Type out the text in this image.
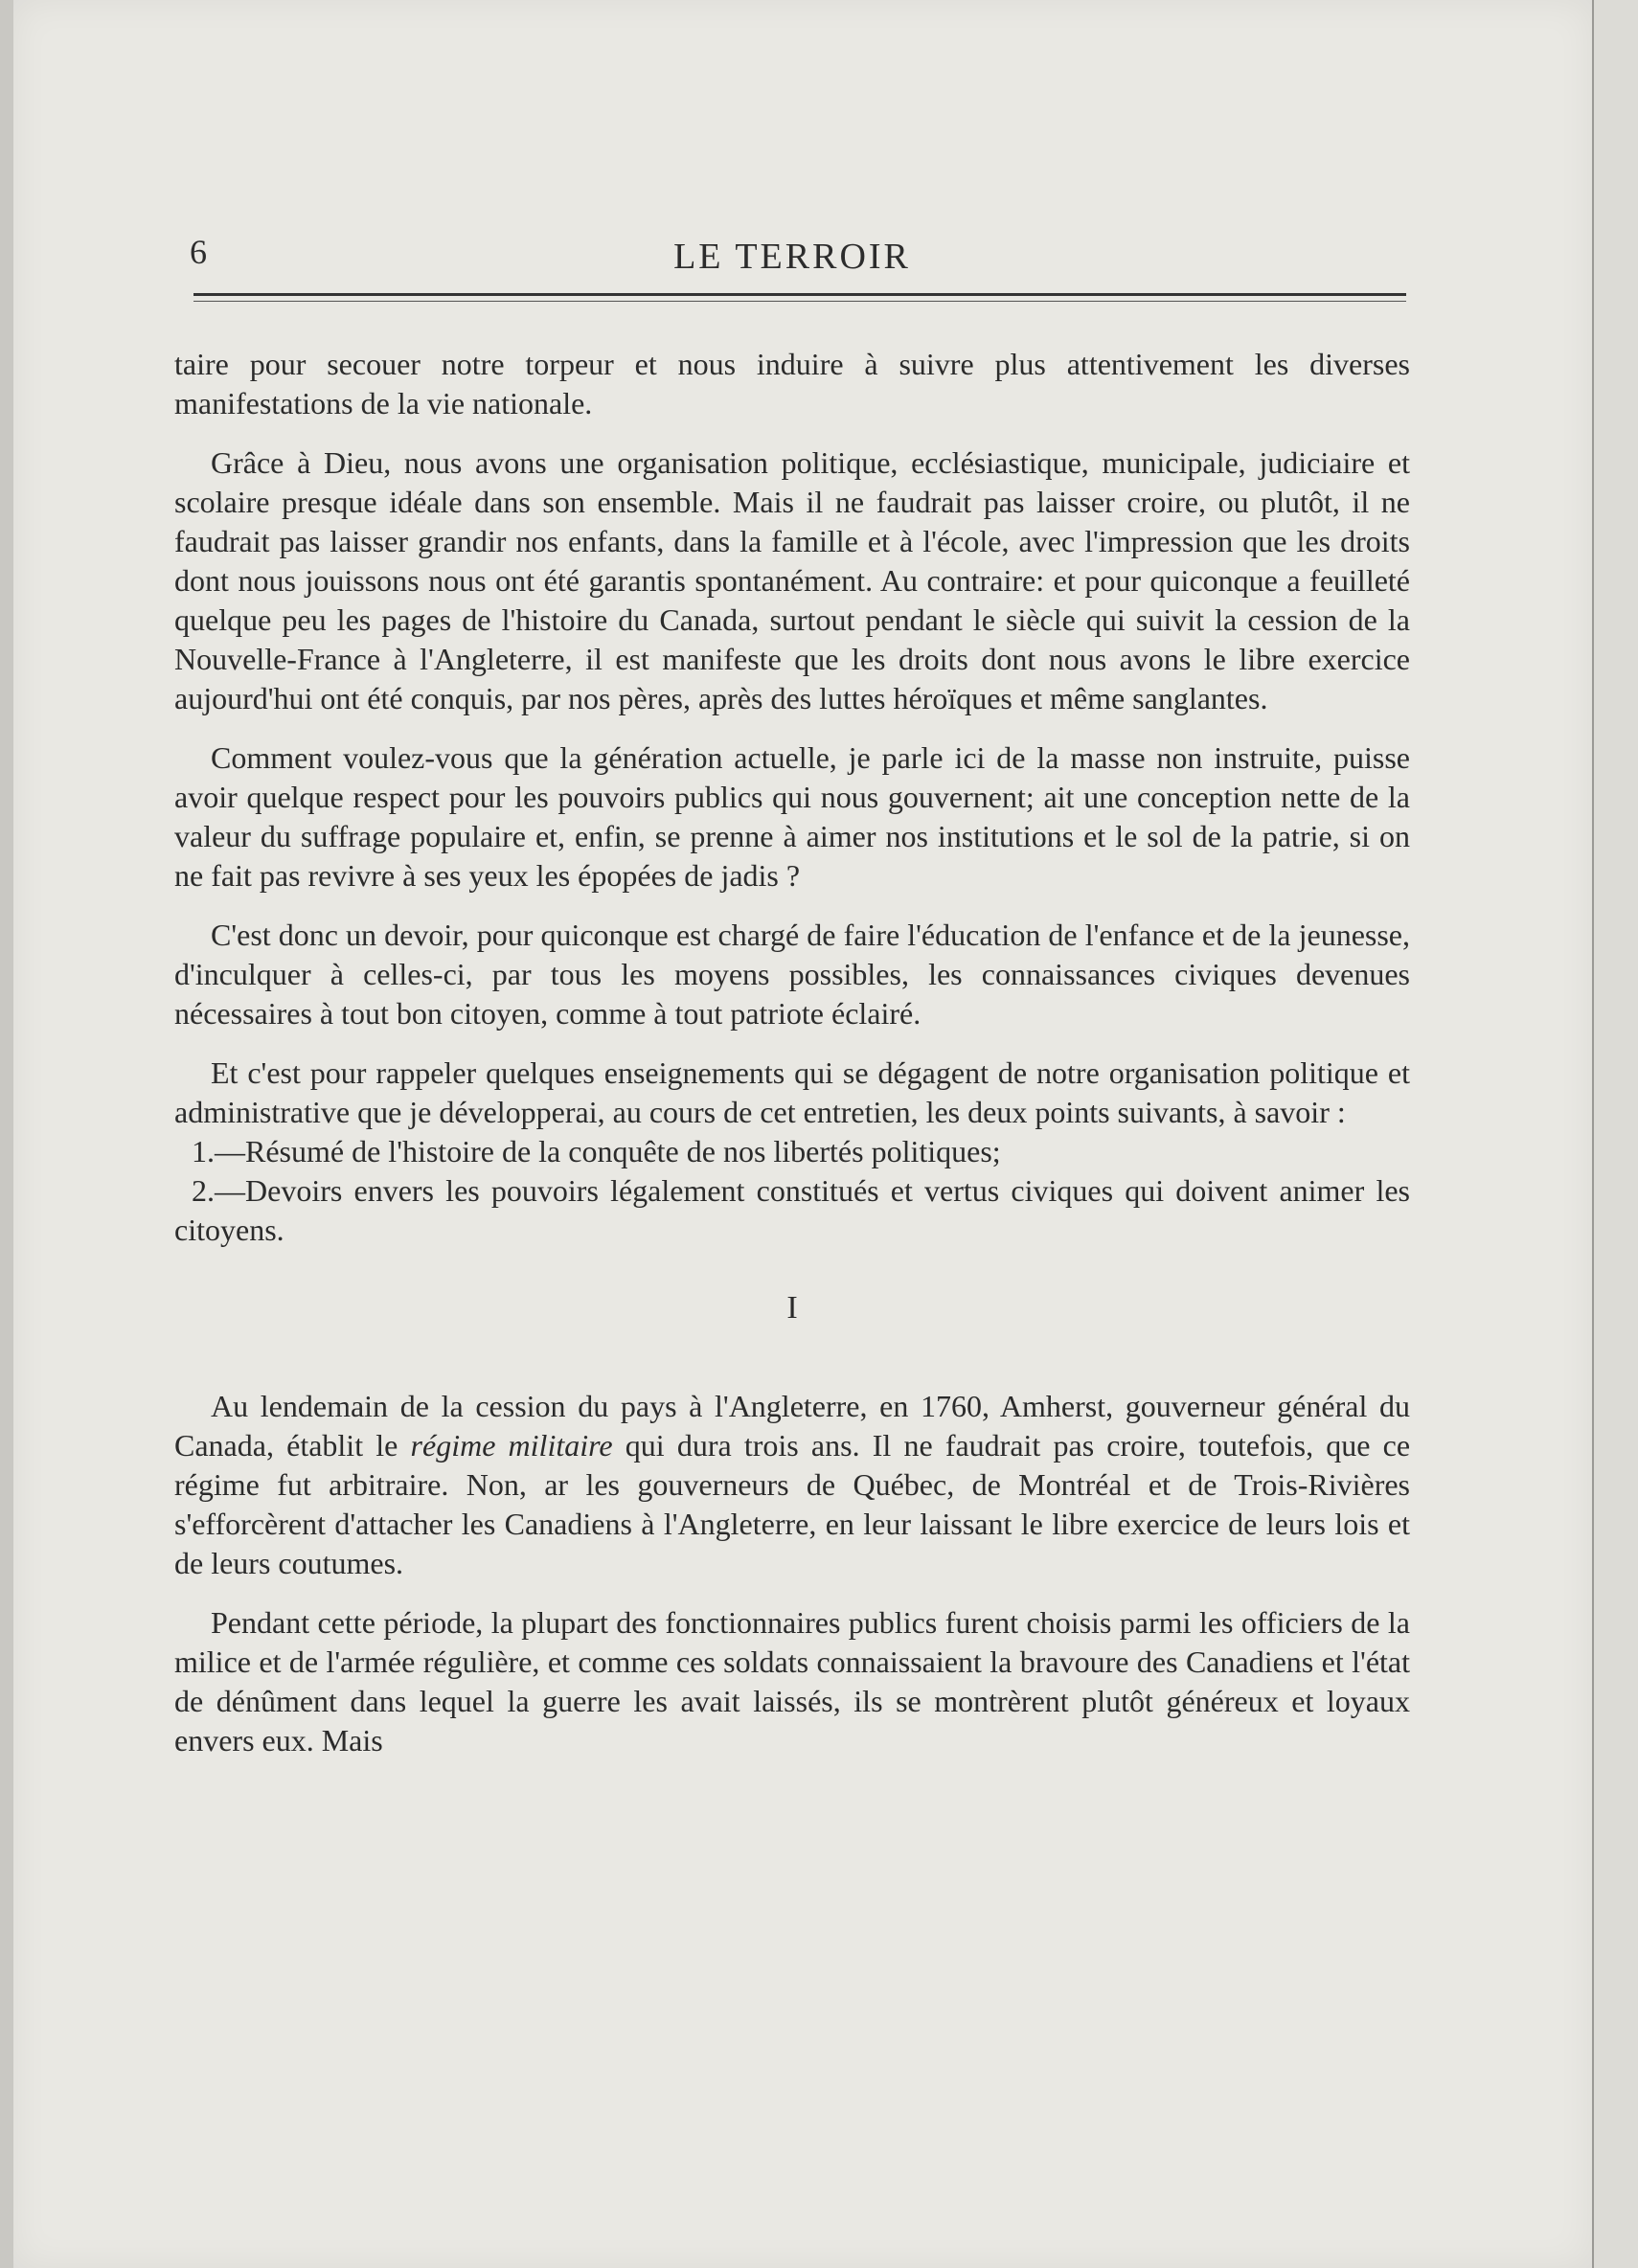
6	LE TERROIR

taire pour secouer notre torpeur et nous induire à suivre plus attentivement les diverses manifestations de la vie nationale.

Grâce à Dieu, nous avons une organisation politique, ecclésiastique, municipale, judiciaire et scolaire presque idéale dans son ensemble. Mais il ne faudrait pas laisser croire, ou plutôt, il ne faudrait pas laisser grandir nos enfants, dans la famille et à l'école, avec l'impression que les droits dont nous jouissons nous ont été garantis spontanément. Au contraire: et pour quiconque a feuilleté quelque peu les pages de l'histoire du Canada, surtout pendant le siècle qui suivit la cession de la Nouvelle-France à l'Angleterre, il est manifeste que les droits dont nous avons le libre exercice aujourd'hui ont été conquis, par nos pères, après des luttes héroïques et même sanglantes.

Comment voulez-vous que la génération actuelle, je parle ici de la masse non instruite, puisse avoir quelque respect pour les pouvoirs publics qui nous gouvernent; ait une conception nette de la valeur du suffrage populaire et, enfin, se prenne à aimer nos institutions et le sol de la patrie, si on ne fait pas revivre à ses yeux les épopées de jadis ?

C'est donc un devoir, pour quiconque est chargé de faire l'éducation de l'enfance et de la jeunesse, d'inculquer à celles-ci, par tous les moyens possibles, les connaissances civiques devenues nécessaires à tout bon citoyen, comme à tout patriote éclairé.

Et c'est pour rappeler quelques enseignements qui se dégagent de notre organisation politique et administrative que je développerai, au cours de cet entretien, les deux points suivants, à savoir :

1.—Résumé de l'histoire de la conquête de nos libertés politiques;

2.—Devoirs envers les pouvoirs légalement constitués et vertus civiques qui doivent animer les citoyens.

I

Au lendemain de la cession du pays à l'Angleterre, en 1760, Amherst, gouverneur général du Canada, établit le régime militaire qui dura trois ans. Il ne faudrait pas croire, toutefois, que ce régime fut arbitraire. Non, ar les gouverneurs de Québec, de Montréal et de Trois-Rivières s'efforcèrent d'attacher les Canadiens à l'Angleterre, en leur laissant le libre exercice de leurs lois et de leurs coutumes.

Pendant cette période, la plupart des fonctionnaires publics furent choisis parmi les officiers de la milice et de l'armée régulière, et comme ces soldats connaissaient la bravoure des Canadiens et l'état de dénûment dans lequel la guerre les avait laissés, ils se montrèrent plutôt généreux et loyaux envers eux. Mais
